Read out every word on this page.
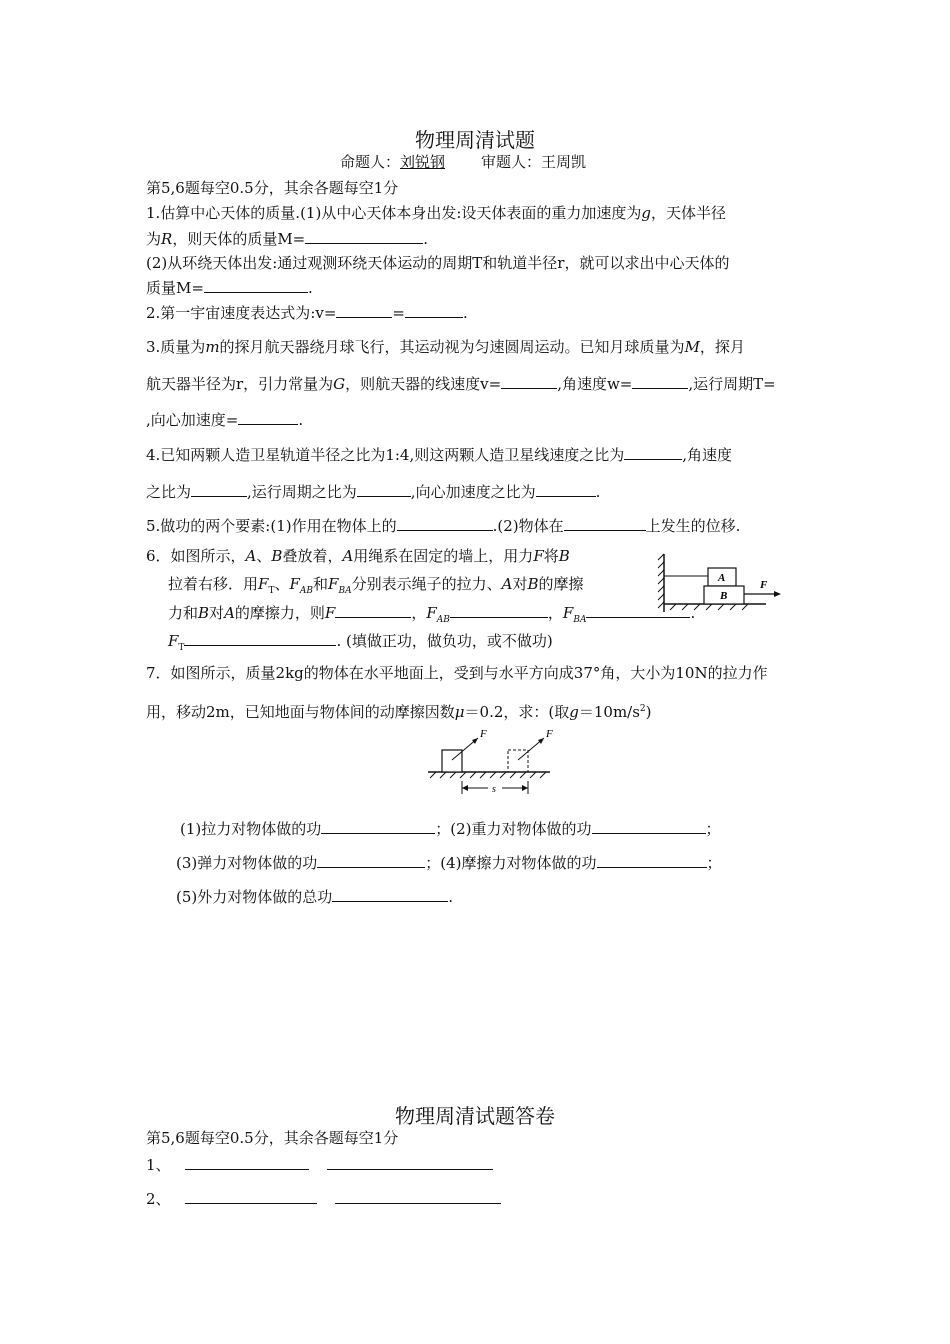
物理周清试题
命题人：刘锐钢 审题人：王周凯
第5,6题每空0.5分，其余各题每空1分
1.估算中心天体的质量.(1)从中心天体本身出发:设天体表面的重力加速度为g，天体半径
为R，则天体的质量M=	.
(2)从环绕天体出发:通过观测环绕天体运动的周期T和轨道半径r，就可以求出中心天体的
质量M=	.
2.第一宇宙速度表达式为:v=	=	.
3.质量为m的探月航天器绕月球飞行，其运动视为匀速圆周运动。已知月球质量为M，探月
航天器半径为r，引力常量为G，则航天器的线速度v=	,角速度w=	,运行周期T=
,向心加速度=	.
4.已知两颗人造卫星轨道半径之比为1:4,则这两颗人造卫星线速度之比为	,角速度
之比为	,运行周期之比为	,向心加速度之比为	.
5.做功的两个要素:(1)作用在物体上的	.(2)物体在	上发生的位移.
6．如图所示，A、B叠放着，A用绳系在固定的墙上，用力F将B
拉着右移．用$F_T$、$F_{AB}$和$F_{BA}$分别表示绳子的拉力、A对B的摩擦
力和B对A的摩擦力，则F	，$F_{AB}$	，$F_{BA}$	.
$F_T$	. (填做正功，做负功，或不做功)
A
B
F
7．如图所示，质量2kg的物体在水平地面上，受到与水平方向成37°角，大小为10N的拉力作
用，移动2m，已知地面与物体间的动摩擦因数μ＝0.2，求：(取$g=10m/s^2$)
F	F
s
(1)拉力对物体做的功	；(2)重力对物体做的功	；
(3)弹力对物体做的功	；(4)摩擦力对物体做的功	；
(5)外力对物体做的总功	.
物理周清试题答卷
第5,6题每空0.5分，其余各题每空1分
1、
2、
